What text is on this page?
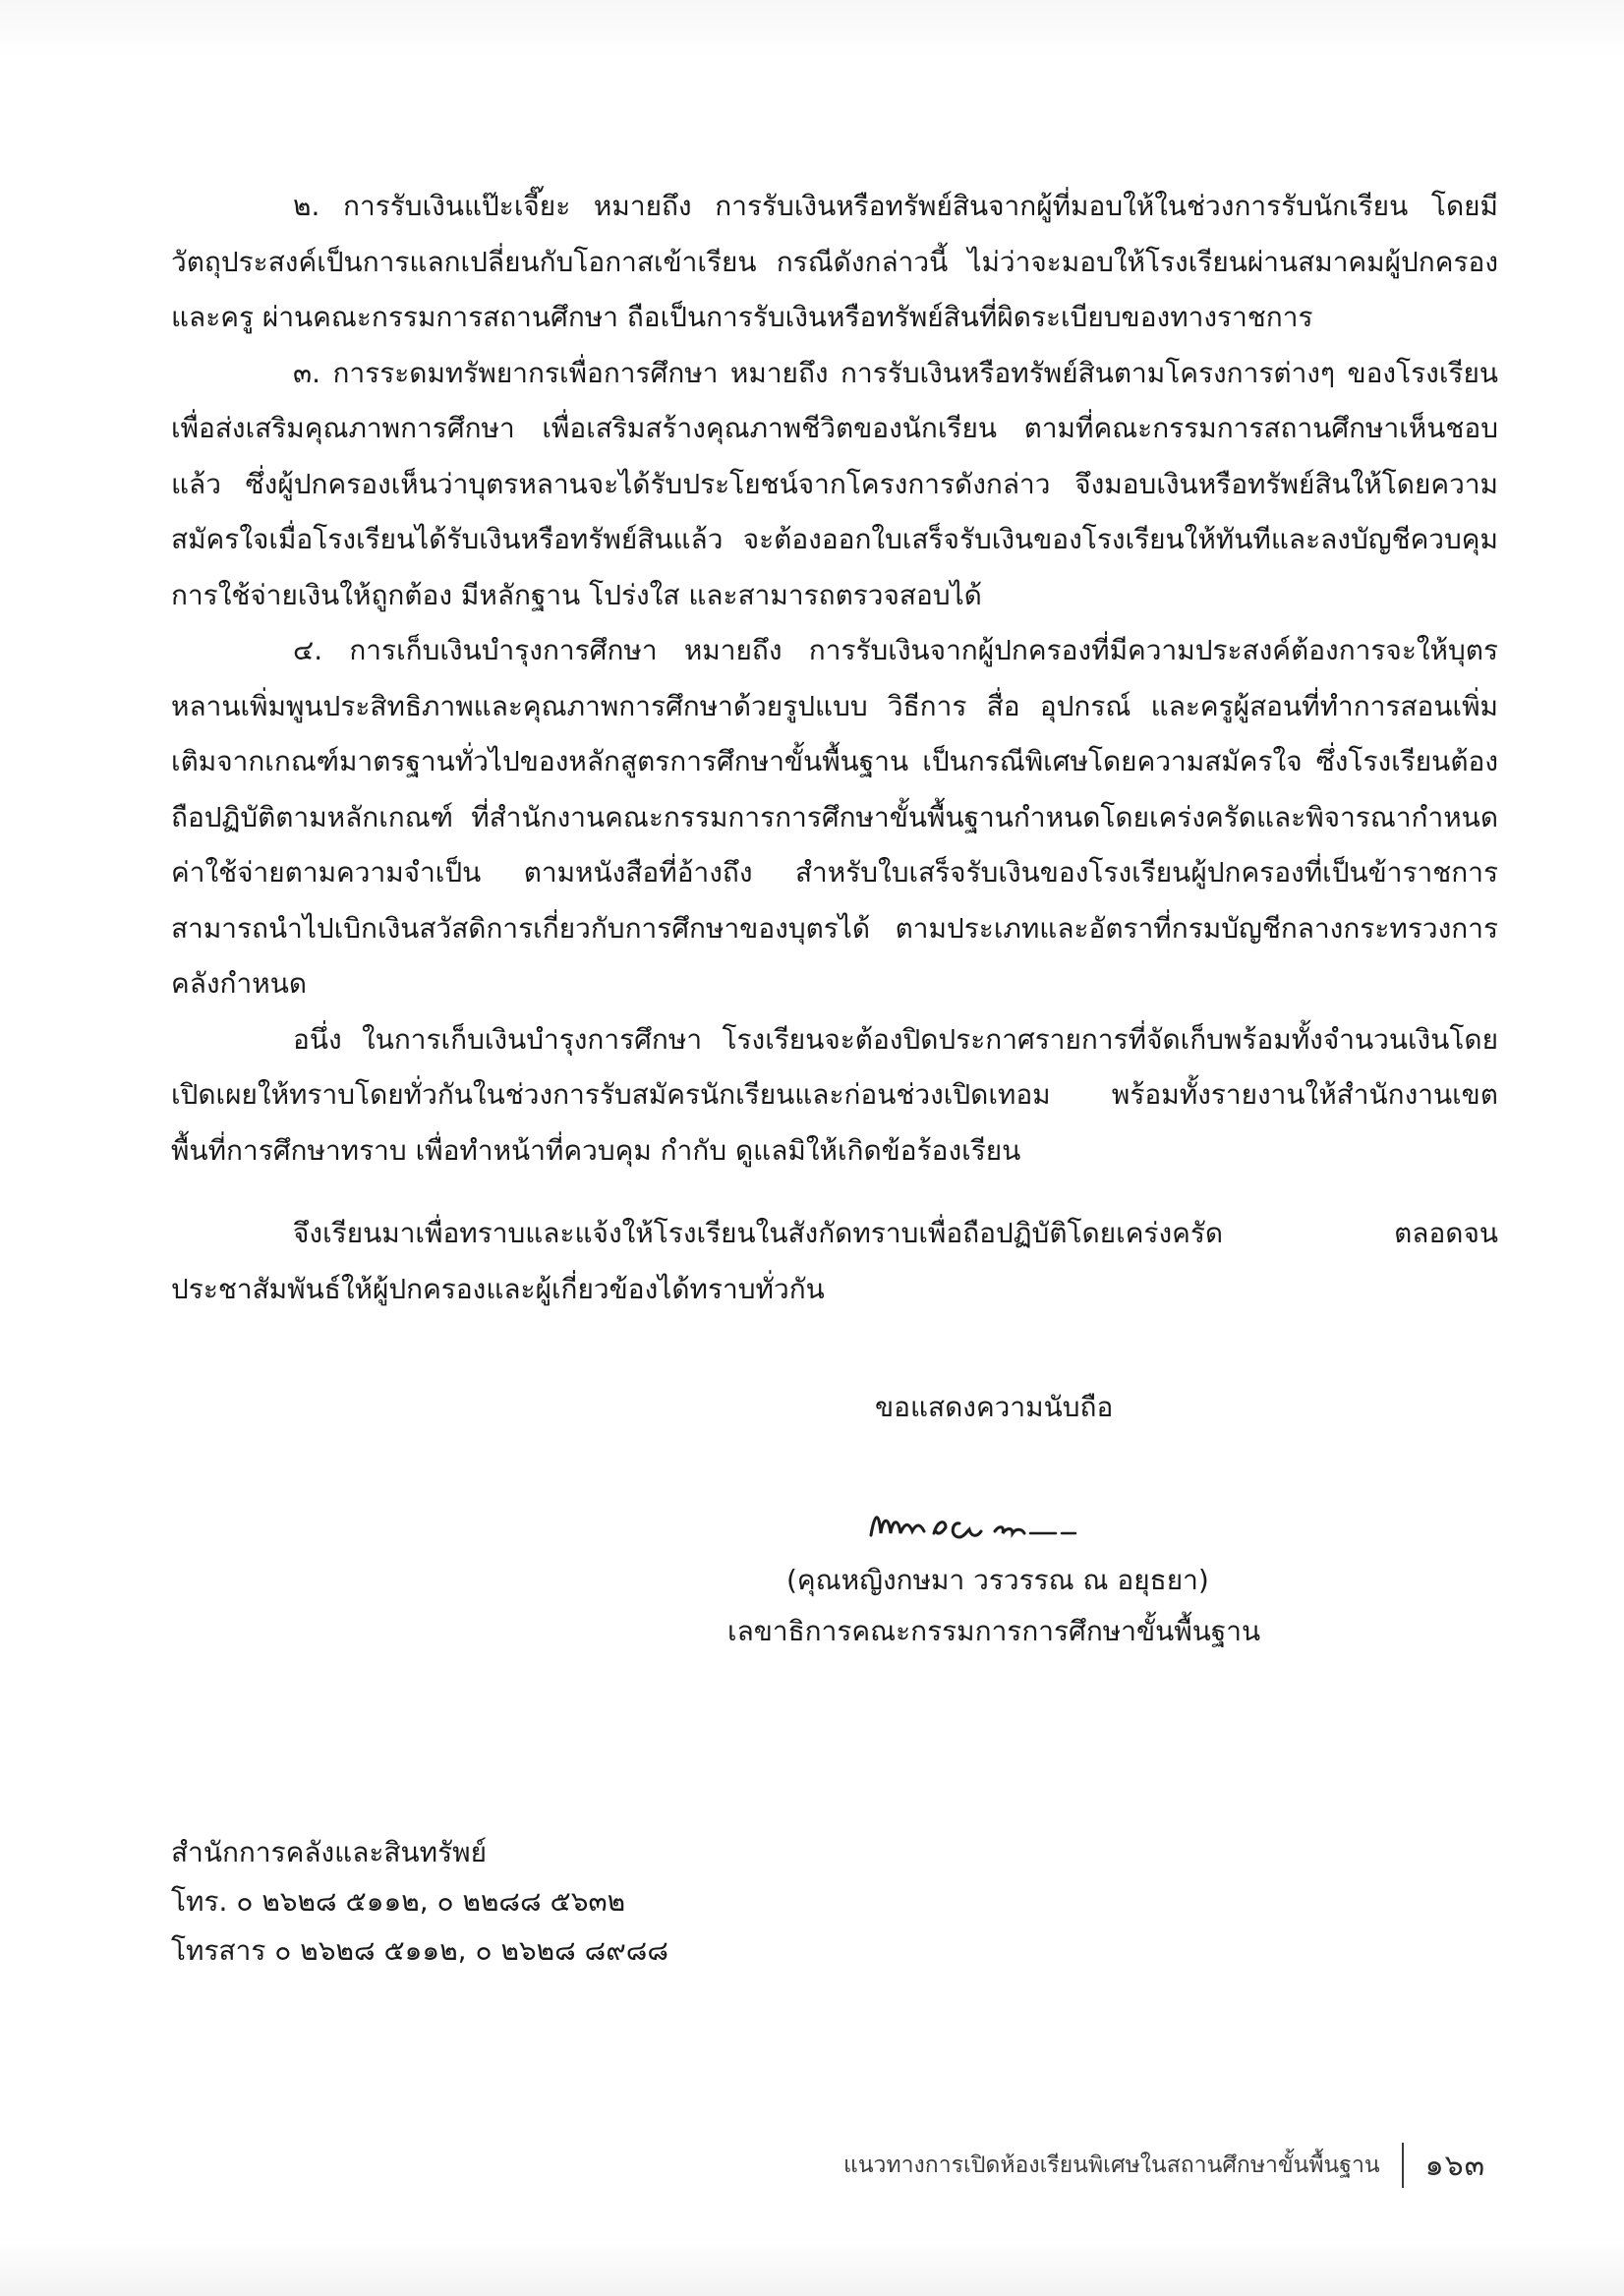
๒. การรับเงินแป๊ะเจี๊ยะ หมายถึง การรับเงินหรือทรัพย์สินจากผู้ที่มอบให้ในช่วงการรับนักเรียน โดยมีวัตถุประสงค์เป็นการแลกเปลี่ยนกับโอกาสเข้าเรียน กรณีดังกล่าวนี้ ไม่ว่าจะมอบให้โรงเรียนผ่านสมาคมผู้ปกครอง และครู ผ่านคณะกรรมการสถานศึกษา ถือเป็นการรับเงินหรือทรัพย์สินที่ผิดระเบียบของทางราชการ

๓. การระดมทรัพยากรเพื่อการศึกษา หมายถึง การรับเงินหรือทรัพย์สินตามโครงการต่างๆ ของโรงเรียนเพื่อส่งเสริมคุณภาพการศึกษา เพื่อเสริมสร้างคุณภาพชีวิตของนักเรียน ตามที่คณะกรรมการสถานศึกษาเห็นชอบแล้ว ซึ่งผู้ปกครองเห็นว่าบุตรหลานจะได้รับประโยชน์จากโครงการดังกล่าว จึงมอบเงินหรือทรัพย์สินให้โดยความสมัครใจเมื่อโรงเรียนได้รับเงินหรือทรัพย์สินแล้ว จะต้องออกใบเสร็จรับเงินของโรงเรียนให้ทันทีและลงบัญชีควบคุมการใช้จ่ายเงินให้ถูกต้อง มีหลักฐาน โปร่งใส และสามารถตรวจสอบได้

๔. การเก็บเงินบำรุงการศึกษา หมายถึง การรับเงินจากผู้ปกครองที่มีความประสงค์ต้องการจะให้บุตรหลานเพิ่มพูนประสิทธิภาพและคุณภาพการศึกษาด้วยรูปแบบ วิธีการ สื่อ อุปกรณ์ และครูผู้สอนที่ทำการสอนเพิ่มเติมจากเกณฑ์มาตรฐานทั่วไปของหลักสูตรการศึกษาขั้นพื้นฐาน เป็นกรณีพิเศษโดยความสมัครใจ ซึ่งโรงเรียนต้องถือปฏิบัติตามหลักเกณฑ์ ที่สำนักงานคณะกรรมการการศึกษาขั้นพื้นฐานกำหนดโดยเคร่งครัดและพิจารณากำหนดค่าใช้จ่ายตามความจำเป็น ตามหนังสือที่อ้างถึง สำหรับใบเสร็จรับเงินของโรงเรียนผู้ปกครองที่เป็นข้าราชการสามารถนำไปเบิกเงินสวัสดิการเกี่ยวกับการศึกษาของบุตรได้ ตามประเภทและอัตราที่กรมบัญชีกลางกระทรวงการคลังกำหนด

อนึ่ง ในการเก็บเงินบำรุงการศึกษา โรงเรียนจะต้องปิดประกาศรายการที่จัดเก็บพร้อมทั้งจำนวนเงินโดยเปิดเผยให้ทราบโดยทั่วกันในช่วงการรับสมัครนักเรียนและก่อนช่วงเปิดเทอม พร้อมทั้งรายงานให้สำนักงานเขตพื้นที่การศึกษาทราบ เพื่อทำหน้าที่ควบคุม กำกับ ดูแลมิให้เกิดข้อร้องเรียน

จึงเรียนมาเพื่อทราบและแจ้งให้โรงเรียนในสังกัดทราบเพื่อถือปฏิบัติโดยเคร่งครัด ตลอดจนประชาสัมพันธ์ให้ผู้ปกครองและผู้เกี่ยวข้องได้ทราบทั่วกัน

ขอแสดงความนับถือ
(คุณหญิงกษมา วรวรรณ ณ อยุธยา)
เลขาธิการคณะกรรมการการศึกษาขั้นพื้นฐาน
สำนักการคลังและสินทรัพย์
โทร. ๐ ๒๖๒๘ ๕๑๑๒, ๐ ๒๒๘๘ ๕๖๓๒
โทรสาร ๐ ๒๖๒๘ ๕๑๑๒, ๐ ๒๖๒๘ ๘๙๘๘
แนวทางการเปิดห้องเรียนพิเศษในสถานศึกษาขั้นพื้นฐาน ๑๖๓
